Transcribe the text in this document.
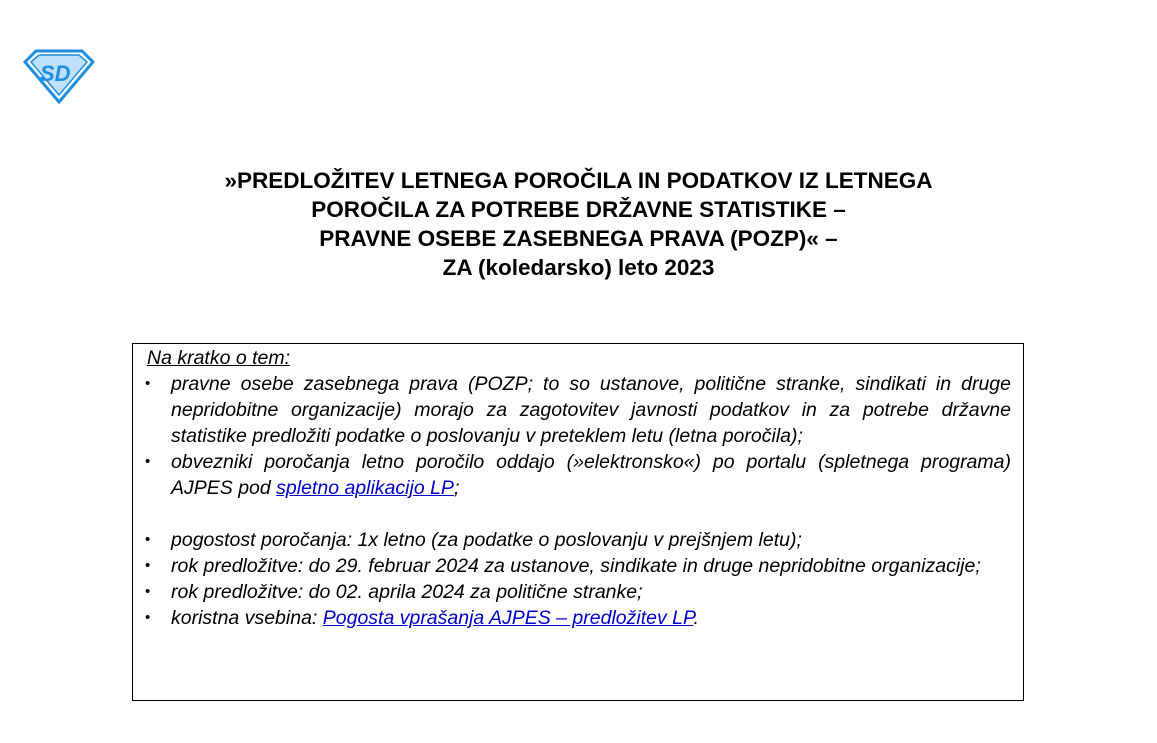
SD
»PREDLOŽITEV LETNEGA POROČILA IN PODATKOV IZ LETNEGA
POROČILA ZA POTREBE DRŽAVNE STATISTIKE –
PRAVNE OSEBE ZASEBNEGA PRAVA (POZP)« –
ZA (koledarsko) leto 2023
Na kratko o tem:
• pravne osebe zasebnega prava (POZP; to so ustanove, politične stranke, sindikati in druge nepridobitne organizacije) morajo za zagotovitev javnosti podatkov in za potrebe državne statistike predložiti podatke o poslovanju v preteklem letu (letna poročila);
• obvezniki poročanja letno poročilo oddajo (»elektronsko«) po portalu (spletnega programa) AJPES pod spletno aplikacijo LP;
• pogostost poročanja: 1x letno (za podatke o poslovanju v prejšnjem letu);
• rok predložitve: do 29. februar 2024 za ustanove, sindikate in druge nepridobitne organizacije;
• rok predložitve: do 02. aprila 2024 za politične stranke;
• koristna vsebina: Pogosta vprašanja AJPES – predložitev LP.
